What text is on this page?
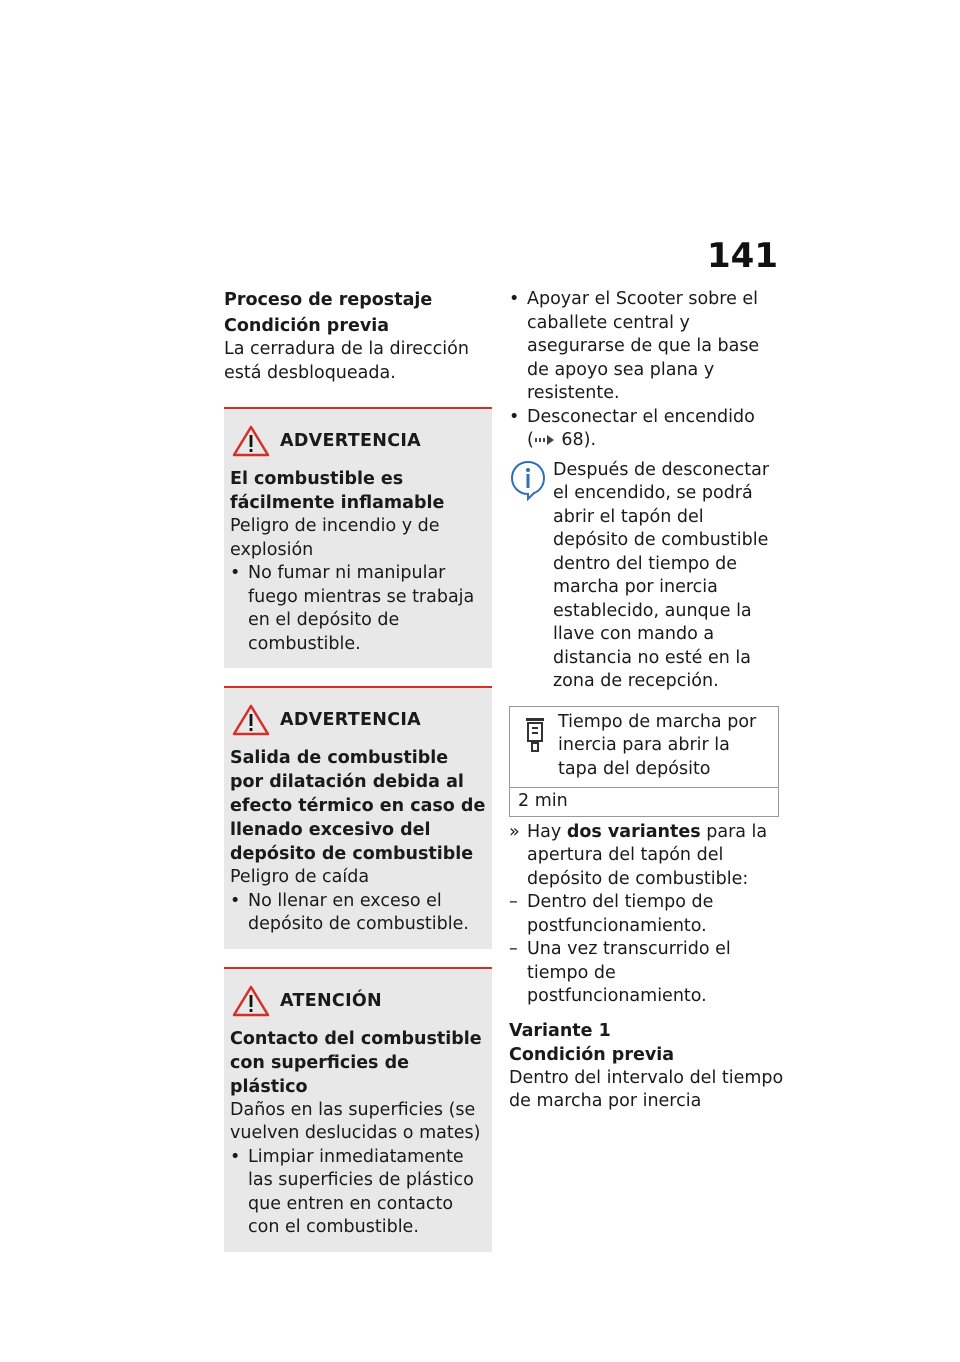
141
Proceso de repostaje
Condición previa
La cerradura de la dirección está desbloqueada.
ADVERTENCIA
El combustible es fácilmente inflamable
Peligro de incendio y de explosión
• No fumar ni manipular fuego mientras se trabaja en el depósito de combustible.
ADVERTENCIA
Salida de combustible por dilatación debida al efecto térmico en caso de llenado excesivo del depósito de combustible
Peligro de caída
• No llenar en exceso el depósito de combustible.
ATENCIÓN
Contacto del combustible con superficies de plástico
Daños en las superficies (se vuelven deslucidas o mates)
• Limpiar inmediatamente las superficies de plástico que entren en contacto con el combustible.
• Apoyar el Scooter sobre el caballete central y asegurarse de que la base de apoyo sea plana y resistente.
• Desconectar el encendido
( 68).
Después de desconectar el encendido, se podrá abrir el tapón del depósito de combustible dentro del tiempo de marcha por inercia establecido, aunque la llave con mando a distancia no esté en la zona de recepción.
Tiempo de marcha por inercia para abrir la tapa del depósito
2 min
» Hay dos variantes para la apertura del tapón del depósito de combustible:
– Dentro del tiempo de postfuncionamiento.
– Una vez transcurrido el tiempo de postfuncionamiento.
Variante 1
Condición previa
Dentro del intervalo del tiempo de marcha por inercia
